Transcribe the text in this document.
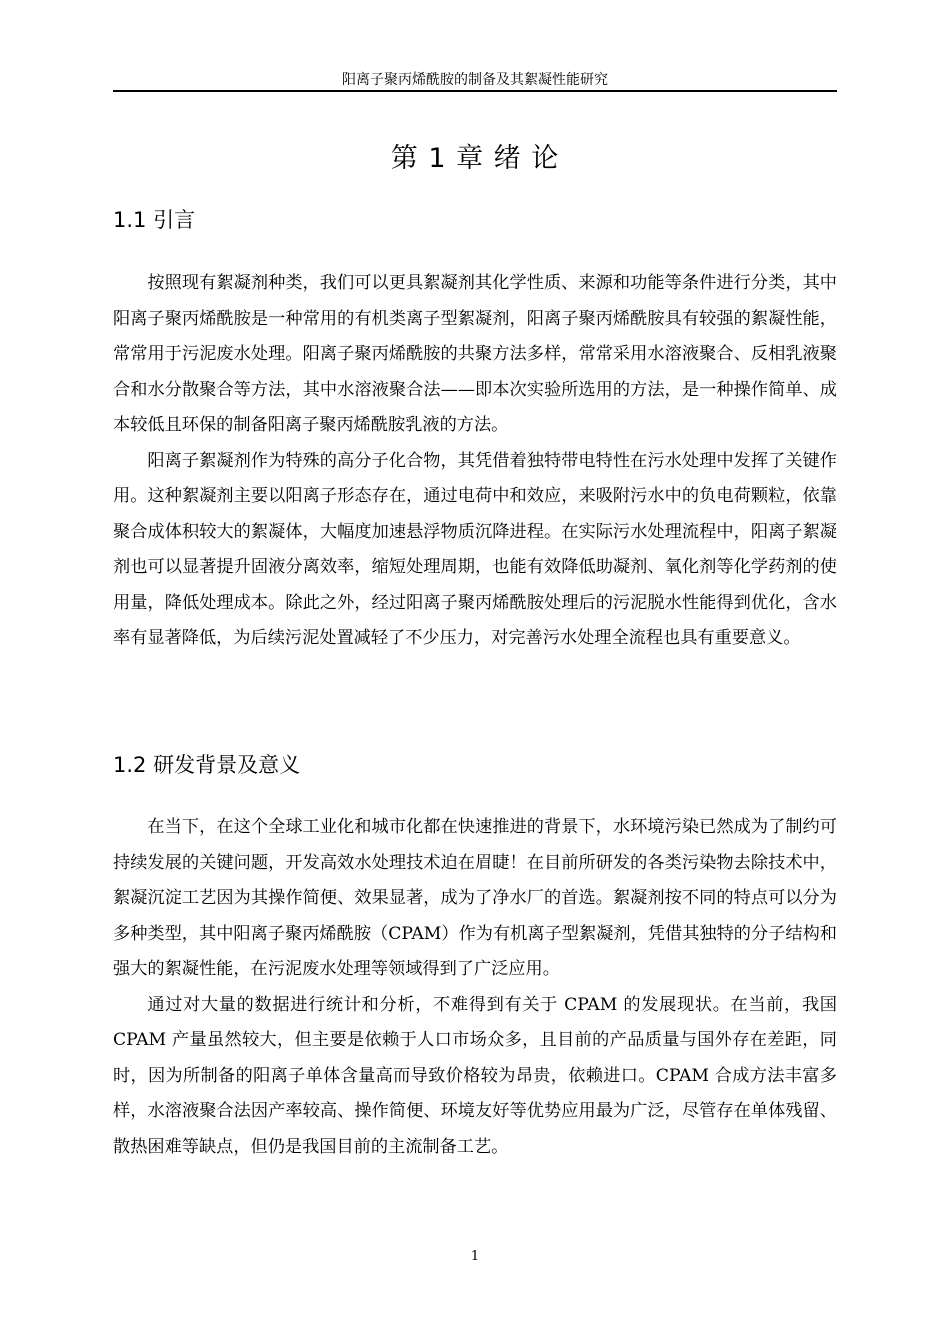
阳离子聚丙烯酰胺的制备及其絮凝性能研究
第 1 章 绪 论
1.1 引言

按照现有絮凝剂种类，我们可以更具絮凝剂其化学性质、来源和功能等条件进行分类，其中阳离子聚丙烯酰胺是一种常用的有机类离子型絮凝剂，阳离子聚丙烯酰胺具有较强的絮凝性能，常常用于污泥废水处理。阳离子聚丙烯酰胺的共聚方法多样，常常采用水溶液聚合、反相乳液聚合和水分散聚合等方法，其中水溶液聚合法——即本次实验所选用的方法，是一种操作简单、成本较低且环保的制备阳离子聚丙烯酰胺乳液的方法。

阳离子絮凝剂作为特殊的高分子化合物，其凭借着独特带电特性在污水处理中发挥了关键作用。这种絮凝剂主要以阳离子形态存在，通过电荷中和效应，来吸附污水中的负电荷颗粒，依靠聚合成体积较大的絮凝体，大幅度加速悬浮物质沉降进程。在实际污水处理流程中，阳离子絮凝剂也可以显著提升固液分离效率，缩短处理周期，也能有效降低助凝剂、氧化剂等化学药剂的使用量，降低处理成本。除此之外，经过阳离子聚丙烯酰胺处理后的污泥脱水性能得到优化，含水率有显著降低，为后续污泥处置减轻了不少压力，对完善污水处理全流程也具有重要意义。

1.2 研发背景及意义

在当下，在这个全球工业化和城市化都在快速推进的背景下，水环境污染已然成为了制约可持续发展的关键问题，开发高效水处理技术迫在眉睫！在目前所研发的各类污染物去除技术中，絮凝沉淀工艺因为其操作简便、效果显著，成为了净水厂的首选。絮凝剂按不同的特点可以分为多种类型，其中阳离子聚丙烯酰胺（CPAM）作为有机离子型絮凝剂，凭借其独特的分子结构和强大的絮凝性能，在污泥废水处理等领域得到了广泛应用。

通过对大量的数据进行统计和分析，不难得到有关于 CPAM 的发展现状。在当前，我国 CPAM 产量虽然较大，但主要是依赖于人口市场众多，且目前的产品质量与国外存在差距，同时，因为所制备的阳离子单体含量高而导致价格较为昂贵，依赖进口。CPAM 合成方法丰富多样，水溶液聚合法因产率较高、操作简便、环境友好等优势应用最为广泛，尽管存在单体残留、散热困难等缺点，但仍是我国目前的主流制备工艺。

1
